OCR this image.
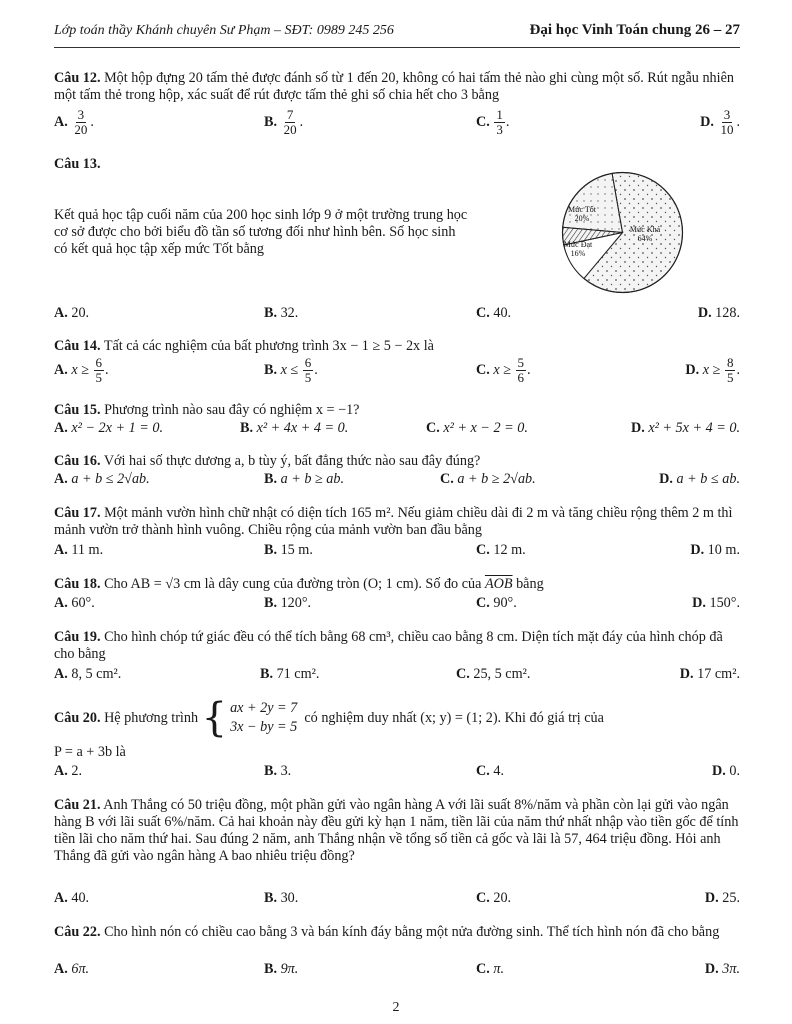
Lớp toán thầy Khánh chuyên Sư Phạm – SĐT: 0989 245 256	Đại học Vinh Toán chung 26 – 27
Câu 12. Một hộp đựng 20 tấm thẻ được đánh số từ 1 đến 20, không có hai tấm thẻ nào ghi cùng một số. Rút ngẫu nhiên một tấm thẻ trong hộp, xác suất để rút được tấm thẻ ghi số chia hết cho 3 bằng
A. $\frac{3}{20}$ .	B. $\frac{7}{20}$ .	C. $\frac{1}{3}$ .	D. $\frac{3}{10}$ .
Câu 13.
Kết quả học tập cuối năm của 200 học sinh lớp 9 ở một trường trung học cơ sở được cho bởi biểu đồ tần số tương đối như hình bên. Số học sinh có kết quả học tập xếp mức Tốt bằng
Mức Tốt 20%
Mức Khá 64%
Mức Đạt 16%
A. 20.	B. 32.	C. 40.	D. 128.
Câu 14. Tất cả các nghiệm của bất phương trình 3x − 1 ≥ 5 − 2x là
A. $x \ge \frac{6}{5}$ .	B. $x \le \frac{6}{5}$ .	C. $x \ge \frac{5}{6}$ .	D. $x \ge \frac{8}{5}$ .
Câu 15. Phương trình nào sau đây có nghiệm x = −1?
A. x² − 2x + 1 = 0.	B. x² + 4x + 4 = 0.	C. x² + x − 2 = 0.	D. x² + 5x + 4 = 0.
Câu 16. Với hai số thực dương a, b tùy ý, bất đẳng thức nào sau đây đúng?
A. a + b ≤ 2√ab.	B. a + b ≥ ab.	C. a + b ≥ 2√ab.	D. a + b ≤ ab.
Câu 17. Một mảnh vườn hình chữ nhật có diện tích 165 m². Nếu giảm chiều dài đi 2 m và tăng chiều rộng thêm 2 m thì mảnh vườn trở thành hình vuông. Chiều rộng của mảnh vườn ban đầu bằng
A. 11 m.	B. 15 m.	C. 12 m.	D. 10 m.
Câu 18. Cho AB = √3 cm là dây cung của đường tròn (O; 1 cm). Số đo của $\overline{AOB}$ bằng
A. 60°.	B. 120°.	C. 90°.	D. 150°.
Câu 19. Cho hình chóp tứ giác đều có thể tích bằng 68 cm³, chiều cao bằng 8 cm. Diện tích mặt đáy của hình chóp đã cho bằng
A. 8, 5 cm².	B. 71 cm².	C. 25, 5 cm².	D. 17 cm².
Câu 20.
Hệ phương trình
{ ax + 2y = 7
3x − by = 5

có nghiệm duy nhất (x; y) = (1; 2). Khi đó giá trị của
P = a + 3b là
A. 2.	B. 3.	C. 4.	D. 0.
Câu 21. Anh Thắng có 50 triệu đồng, một phần gửi vào ngân hàng A với lãi suất 8%/năm và phần còn lại gửi vào ngân hàng B với lãi suất 6%/năm. Cả hai khoản này đều gửi kỳ hạn 1 năm, tiền lãi của năm thứ nhất nhập vào tiền gốc để tính tiền lãi cho năm thứ hai. Sau đúng 2 năm, anh Thắng nhận về tổng số tiền cả gốc và lãi là 57, 464 triệu đồng. Hỏi anh Thắng đã gửi vào ngân hàng A bao nhiêu triệu đồng?
A. 40.	B. 30.	C. 20.	D. 25.
Câu 22. Cho hình nón có chiều cao bằng 3 và bán kính đáy bằng một nửa đường sinh. Thể tích hình nón đã cho bằng
A. 6π.	B. 9π.	C. π.	D. 3π.
2
